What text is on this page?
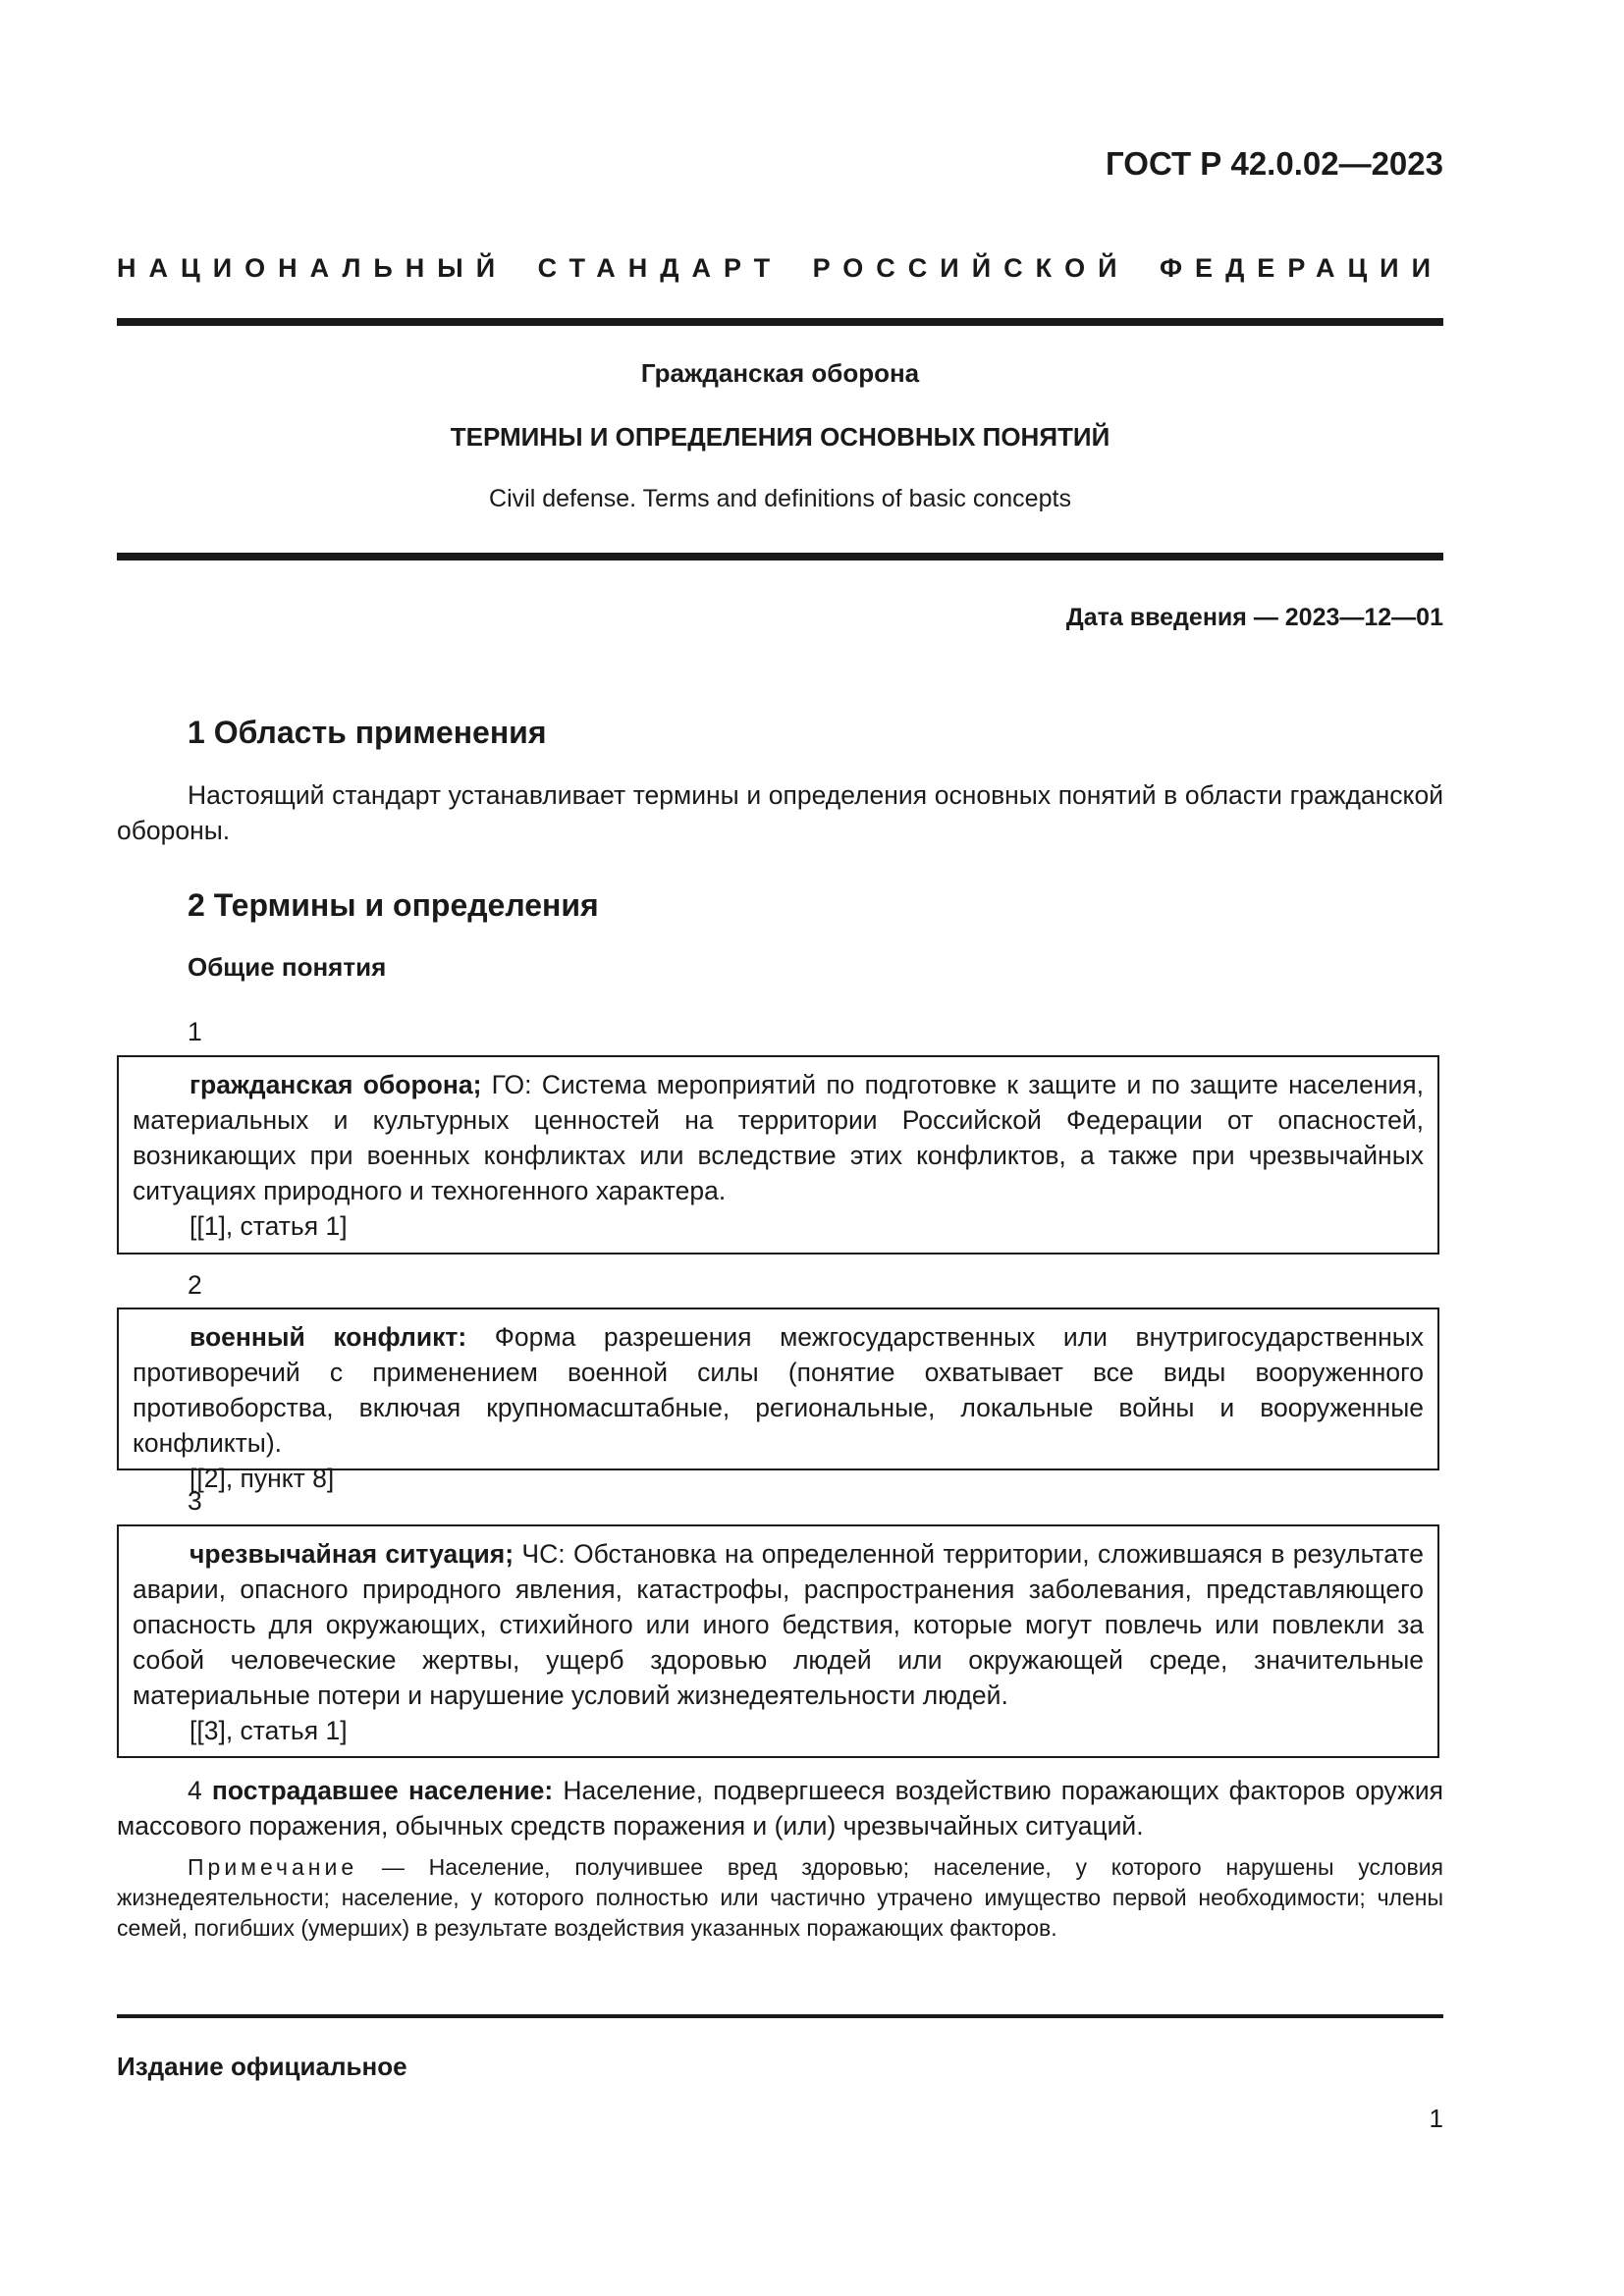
ГОСТ Р 42.0.02—2023
НАЦИОНАЛЬНЫЙ СТАНДАРТ РОССИЙСКОЙ ФЕДЕРАЦИИ
Гражданская оборона
ТЕРМИНЫ И ОПРЕДЕЛЕНИЯ ОСНОВНЫХ ПОНЯТИЙ
Civil defense. Terms and definitions of basic concepts
Дата введения — 2023—12—01
1 Область применения
Настоящий стандарт устанавливает термины и определения основных понятий в области гражданской обороны.
2 Термины и определения
Общие понятия
1
гражданская оборона; ГО: Система мероприятий по подготовке к защите и по защите населения, материальных и культурных ценностей на территории Российской Федерации от опасностей, возникающих при военных конфликтах или вследствие этих конфликтов, а также при чрезвычайных ситуациях природного и техногенного характера.
[[1], статья 1]
2
военный конфликт: Форма разрешения межгосударственных или внутригосударственных противоречий с применением военной силы (понятие охватывает все виды вооруженного противоборства, включая крупномасштабные, региональные, локальные войны и вооруженные конфликты).
[[2], пункт 8]
3
чрезвычайная ситуация; ЧС: Обстановка на определенной территории, сложившаяся в результате аварии, опасного природного явления, катастрофы, распространения заболевания, представляющего опасность для окружающих, стихийного или иного бедствия, которые могут повлечь или повлекли за собой человеческие жертвы, ущерб здоровью людей или окружающей среде, значительные материальные потери и нарушение условий жизнедеятельности людей.
[[3], статья 1]
4 пострадавшее население: Население, подвергшееся воздействию поражающих факторов оружия массового поражения, обычных средств поражения и (или) чрезвычайных ситуаций.
Примечание — Население, получившее вред здоровью; население, у которого нарушены условия жизнедеятельности; население, у которого полностью или частично утрачено имущество первой необходимости; члены семей, погибших (умерших) в результате воздействия указанных поражающих факторов.
Издание официальное
1
